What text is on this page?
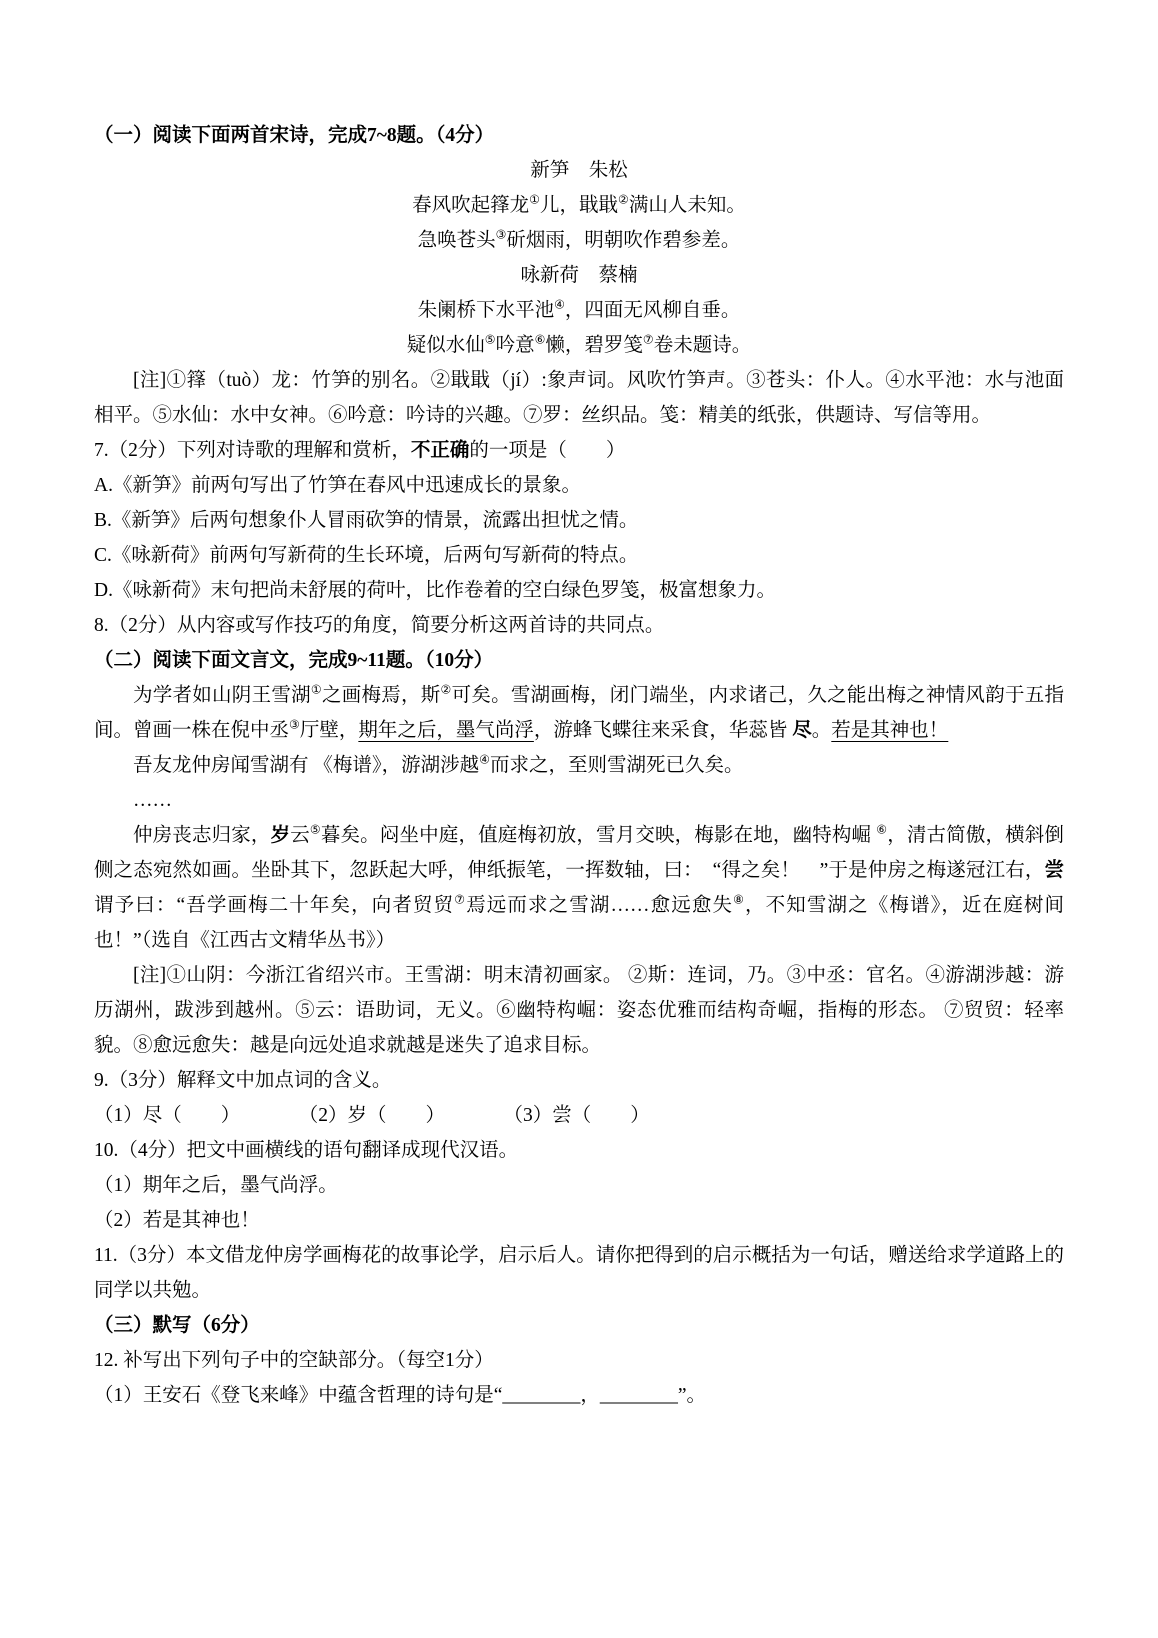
（一）阅读下面两首宋诗，完成7~8题。（4分）

新笋　朱松

春风吹起箨龙①儿，戢戢②满山人未知。

急唤苍头③斫烟雨，明朝吹作碧参差。

咏新荷　蔡楠

朱阑桥下水平池④，四面无风柳自垂。

疑似水仙⑤吟意⑥懒，碧罗笺⑦卷未题诗。

[注]①箨（tuò）龙：竹笋的别名。②戢戢（jí）:象声词。风吹竹笋声。③苍头：仆人。④水平池：水与池面相平。⑤水仙：水中女神。⑥吟意：吟诗的兴趣。⑦罗：丝织品。笺：精美的纸张，供题诗、写信等用。

7.（2分）下列对诗歌的理解和赏析，不正确的一项是（　　）

A.《新笋》前两句写出了竹笋在春风中迅速成长的景象。

B.《新笋》后两句想象仆人冒雨砍笋的情景，流露出担忧之情。

C.《咏新荷》前两句写新荷的生长环境，后两句写新荷的特点。

D.《咏新荷》末句把尚未舒展的荷叶，比作卷着的空白绿色罗笺，极富想象力。

8.（2分）从内容或写作技巧的角度，简要分析这两首诗的共同点。

（二）阅读下面文言文，完成9~11题。（10分）

为学者如山阴王雪湖①之画梅焉，斯②可矣。雪湖画梅，闭门端坐，内求诸己，久之能出梅之神情风韵于五指间。曾画一株在倪中丞③厅壁，期年之后，墨气尚浮，游蜂飞蝶往来采食，华蕊皆 尽。若是其神也！

吾友龙仲房闻雪湖有 《梅谱》，游湖涉越④而求之，至则雪湖死已久矣。

……

仲房丧志归家，岁云⑤暮矣。闷坐中庭，值庭梅初放，雪月交映，梅影在地，幽特构崛 ⑥，清古简傲，横斜倒侧之态宛然如画。坐卧其下，忽跃起大呼，伸纸振笔，一挥数轴，曰：　“得之矣！　”于是仲房之梅遂冠江右，尝谓予曰：“吾学画梅二十年矣，向者贸贸⑦焉远而求之雪湖……愈远愈失⑧，不知雪湖之《梅谱》，近在庭树间也！”（选自《江西古文精华丛书》）

[注]①山阴：今浙江省绍兴市。王雪湖：明末清初画家。 ②斯：连词，乃。③中丞：官名。④游湖涉越：游历湖州，跋涉到越州。⑤云：语助词，无义。⑥幽特构崛：姿态优雅而结构奇崛，指梅的形态。 ⑦贸贸：轻率貌。⑧愈远愈失：越是向远处追求就越是迷失了追求目标。

9.（3分）解释文中加点词的含义。

（1）尽（　　）　　　　（2）岁（　　）　　　　（3）尝（　　）

10.（4分）把文中画横线的语句翻译成现代汉语。

（1）期年之后，墨气尚浮。

（2）若是其神也！

11.（3分）本文借龙仲房学画梅花的故事论学，启示后人。请你把得到的启示概括为一句话，赠送给求学道路上的同学以共勉。

（三）默写（6分）

12. 补写出下列句子中的空缺部分。（每空1分）

（1）王安石《登飞来峰》中蕴含哲理的诗句是“________，________”。
